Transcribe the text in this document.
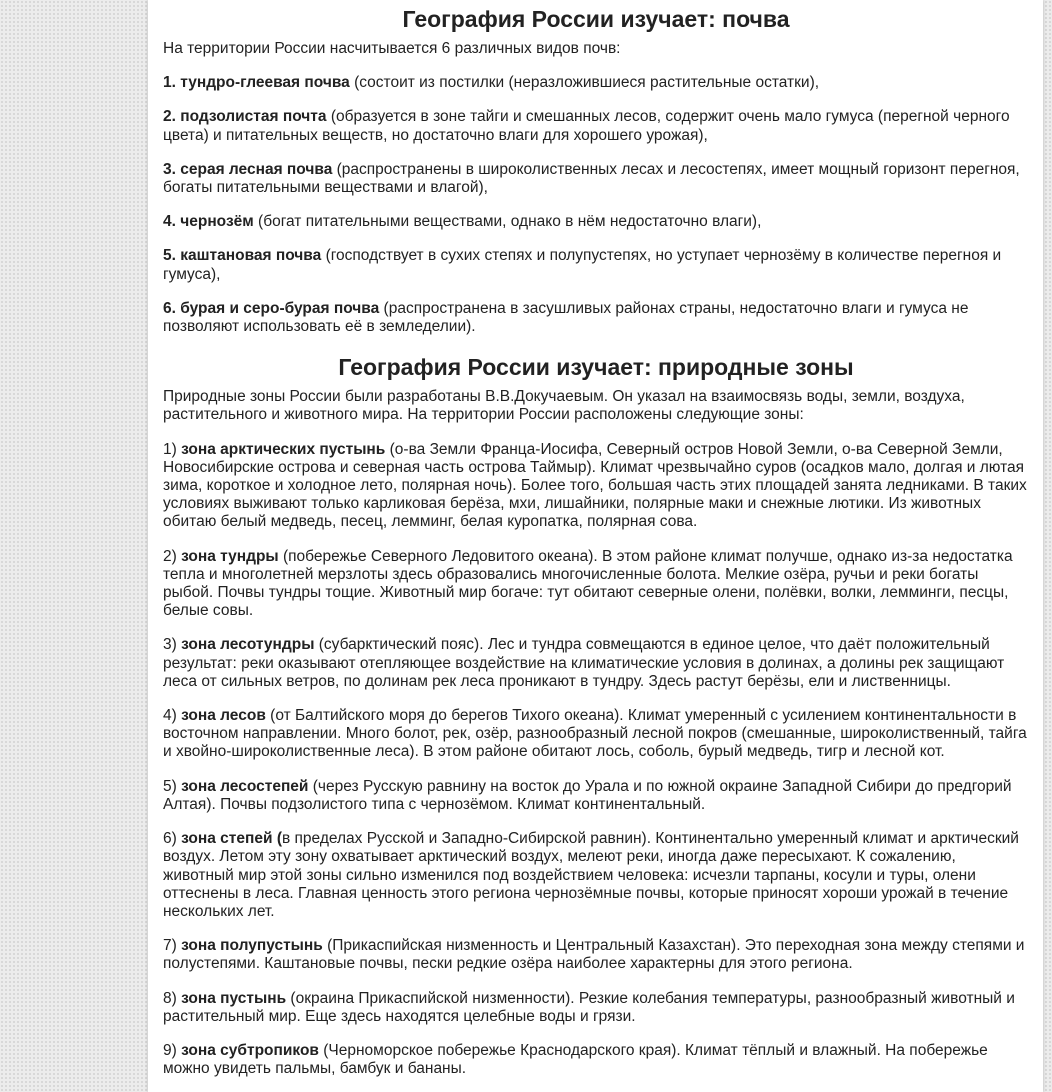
География России изучает: почва

На территории России насчитывается 6 различных видов почв:

1. тундро-глеевая почва (состоит из постилки (неразложившиеся растительные остатки),

2. подзолистая почта (образуется в зоне тайги и смешанных лесов, содержит очень мало гумуса (перегной черного цвета) и питательных веществ, но достаточно влаги для хорошего урожая),

3. серая лесная почва (распространены в широколиственных лесах и лесостепях, имеет мощный горизонт перегноя, богаты питательными веществами и влагой),

4. чернозём (богат питательными веществами, однако в нём недостаточно влаги),

5. каштановая почва (господствует в сухих степях и полупустепях, но уступает чернозёму в количестве перегноя и гумуса),

6. бурая и серо-бурая почва (распространена в засушливых районах страны, недостаточно влаги и гумуса не позволяют использовать её в земледелии).

География России изучает: природные зоны

Природные зоны России были разработаны В.В.Докучаевым. Он указал на взаимосвязь воды, земли, воздуха, растительного и животного мира. На территории России расположены следующие зоны:

1) зона арктических пустынь (о-ва Земли Франца-Иосифа, Северный остров Новой Земли, о-ва Северной Земли, Новосибирские острова и северная часть острова Таймыр). Климат чрезвычайно суров (осадков мало, долгая и лютая зима, короткое и холодное лето, полярная ночь). Более того, большая часть этих площадей занята ледниками. В таких условиях выживают только карликовая берёза, мхи, лишайники, полярные маки и снежные лютики. Из животных обитаю белый медведь, песец, лемминг, белая куропатка, полярная сова.

2) зона тундры (побережье Северного Ледовитого океана). В этом районе климат получше, однако из-за недостатка тепла и многолетней мерзлоты здесь образовались многочисленные болота. Мелкие озёра, ручьи и реки богаты рыбой. Почвы тундры тощие. Животный мир богаче: тут обитают северные олени, полёвки, волки, лемминги, песцы, белые совы.

3) зона лесотундры (субарктический пояс). Лес и тундра совмещаются в единое целое, что даёт положительный результат: реки оказывают отепляющее воздействие на климатические условия в долинах, а долины рек защищают леса от сильных ветров, по долинам рек леса проникают в тундру. Здесь растут берёзы, ели и лиственницы.

4) зона лесов (от Балтийского моря до берегов Тихого океана). Климат умеренный с усилением континентальности в восточном направлении. Много болот, рек, озёр, разнообразный лесной покров (смешанные, широколиственный, тайга и хвойно-широколиственные леса). В этом районе обитают лось, соболь, бурый медведь, тигр и лесной кот.

5) зона лесостепей (через Русскую равнину на восток до Урала и по южной окраине Западной Сибири до предгорий Алтая). Почвы подзолистого типа с чернозёмом. Климат континентальный.

6) зона степей (в пределах Русской и Западно-Сибирской равнин). Континентально умеренный климат и арктический воздух. Летом эту зону охватывает арктический воздух, мелеют реки, иногда даже пересыхают. К сожалению, животный мир этой зоны сильно изменился под воздействием человека: исчезли тарпаны, косули и туры, олени оттеснены в леса. Главная ценность этого региона чернозёмные почвы, которые приносят хороши урожай в течение нескольких лет.

7) зона полупустынь (Прикаспийская низменность и Центральный Казахстан). Это переходная зона между степями и полустепями. Каштановые почвы, пески редкие озёра наиболее характерны для этого региона.

8) зона пустынь (окраина Прикаспийской низменности). Резкие колебания температуры, разнообразный животный и растительный мир. Еще здесь находятся целебные воды и грязи.

9) зона субтропиков (Черноморское побережье Краснодарского края). Климат тёплый и влажный. На побережье можно увидеть пальмы, бамбук и бананы.
